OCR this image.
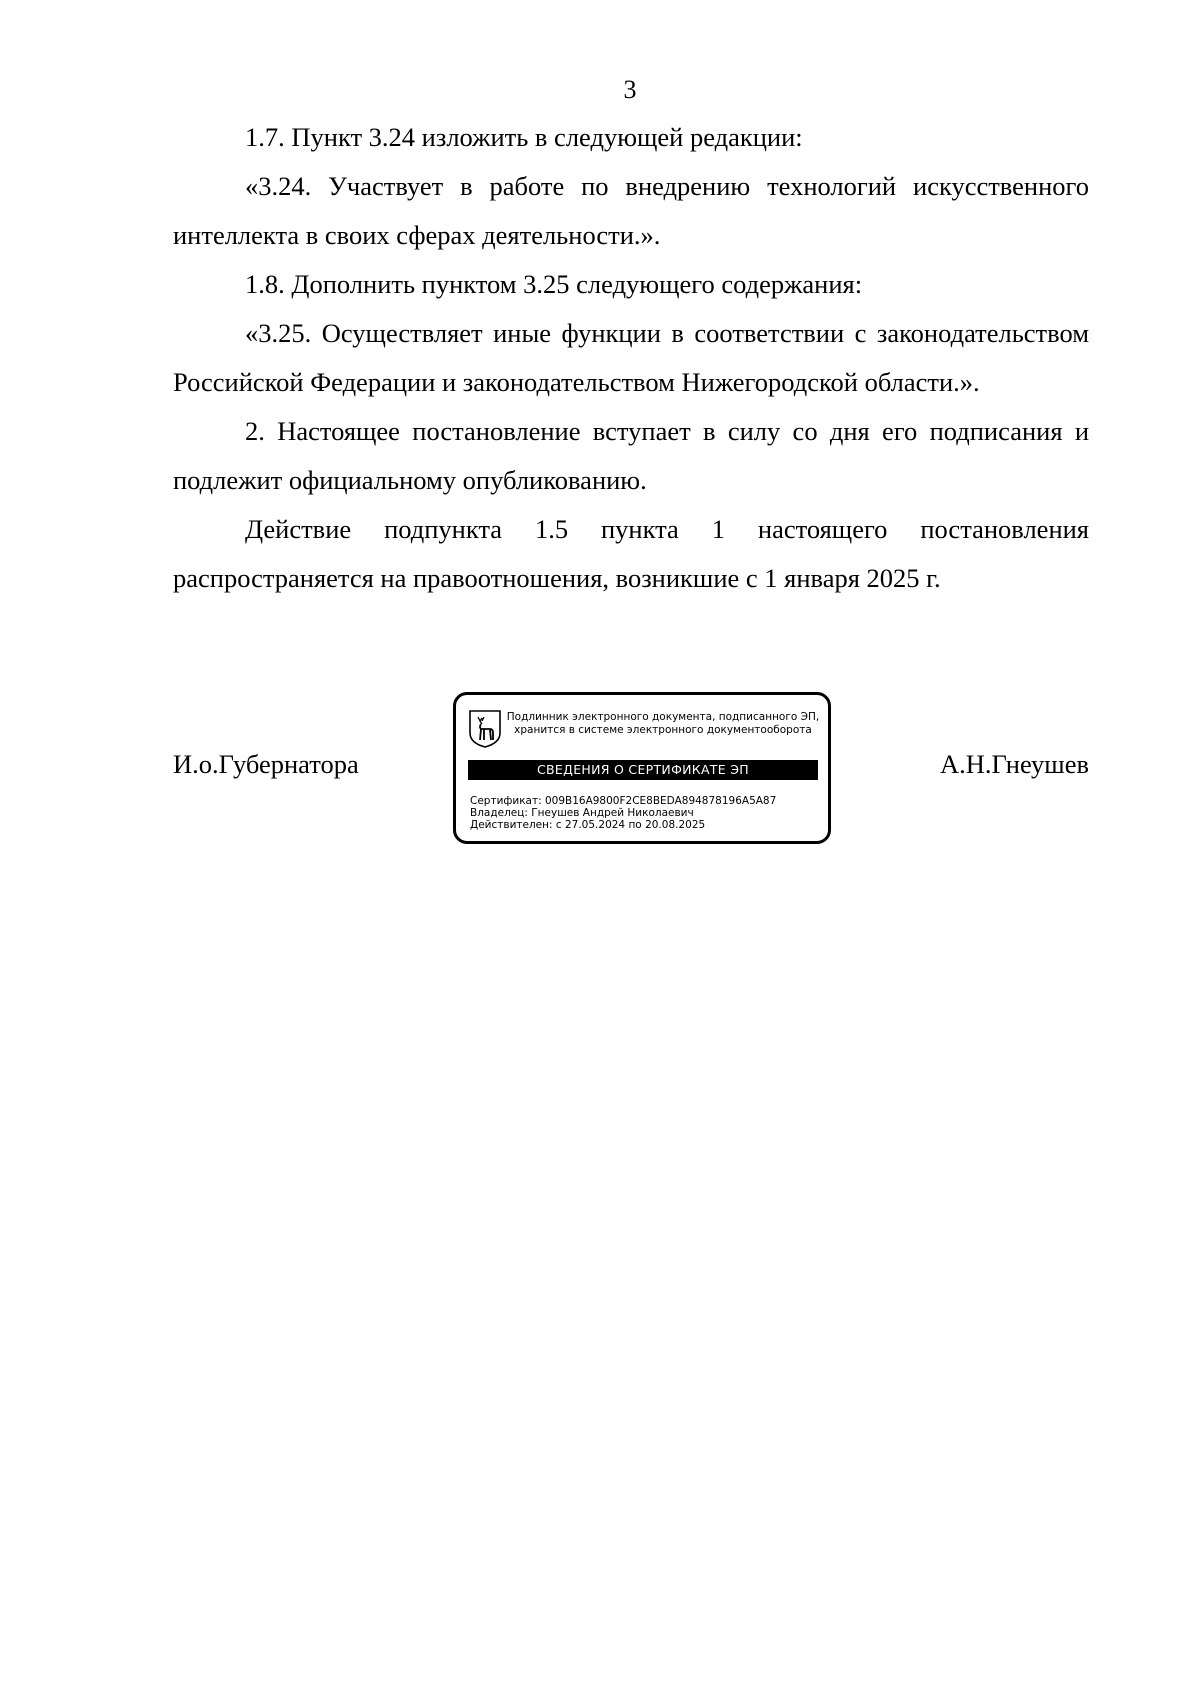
3

1.7. Пункт 3.24 изложить в следующей редакции:

«3.24. Участвует в работе по внедрению технологий искусственного интеллекта в своих сферах деятельности.».

1.8. Дополнить пунктом 3.25 следующего содержания:

«3.25. Осуществляет иные функции в соответствии с законодательством Российской Федерации и законодательством Нижегородской области.».

2. Настоящее постановление вступает в силу со дня его подписания и подлежит официальному опубликованию.

Действие подпункта 1.5 пункта 1 настоящего постановления распространяется на правоотношения, возникшие с 1 января 2025 г.

И.о.Губернатора
Подлинник электронного документа, подписанного ЭП,
хранится в системе электронного документооборота
СВЕДЕНИЯ О СЕРТИФИКАТЕ ЭП
Сертификат: 009B16A9800F2CE8BEDA894878196A5A87
Владелец: Гнеушев Андрей Николаевич
Действителен: с 27.05.2024 по 20.08.2025
А.Н.Гнеушев
